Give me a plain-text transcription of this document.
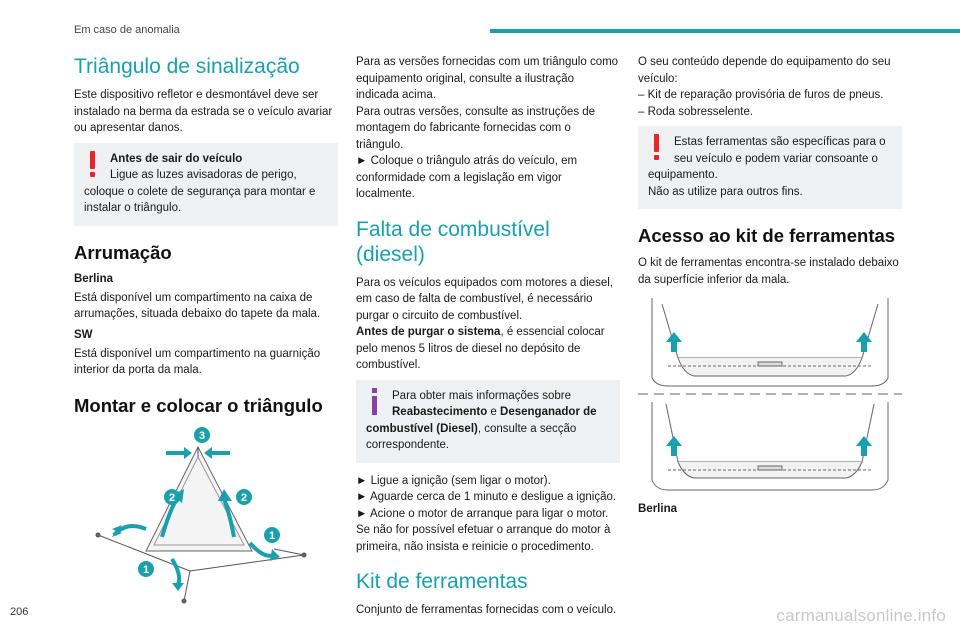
Em caso de anomalia
Triângulo de sinalização

Este dispositivo refletor e desmontável deve ser instalado na berma da estrada se o veículo avariar ou apresentar danos.

Antes de sair do veículo

Ligue as luzes avisadoras de perigo, coloque o colete de segurança para montar e instalar o triângulo.

Arrumação
Berlina

Está disponível um compartimento na caixa de arrumações, situada debaixo do tapete da mala.

SW

Está disponível um compartimento na guarnição interior da porta da mala.

Montar e colocar o triângulo
3
2	2
1
1

Para as versões fornecidas com um triângulo como equipamento original, consulte a ilustração indicada acima.

Para outras versões, consulte as instruções de montagem do fabricante fornecidas com o triângulo.

► Coloque o triângulo atrás do veículo, em conformidade com a legislação em vigor localmente.

Falta de combustível (diesel)

Para os veículos equipados com motores a diesel, em caso de falta de combustível, é necessário purgar o circuito de combustível.

Antes de purgar o sistema, é essencial colocar pelo menos 5 litros de diesel no depósito de combustível.

Para obter mais informações sobre Reabastecimento e Desenganador de combustível (Diesel), consulte a secção correspondente.

► Ligue a ignição (sem ligar o motor).
► Aguarde cerca de 1 minuto e desligue a ignição.
► Acione o motor de arranque para ligar o motor.

Se não for possível efetuar o arranque do motor à primeira, não insista e reinicie o procedimento.

Kit de ferramentas

Conjunto de ferramentas fornecidas com o veículo.

O seu conteúdo depende do equipamento do seu veículo:

– Kit de reparação provisória de furos de pneus.
– Roda sobresselente.

Estas ferramentas são específicas para o seu veículo e podem variar consoante o equipamento.

Não as utilize para outros fins.

Acesso ao kit de ferramentas

O kit de ferramentas encontra-se instalado debaixo da superfície inferior da mala.

Berlina
206	carmanualsonline.info
